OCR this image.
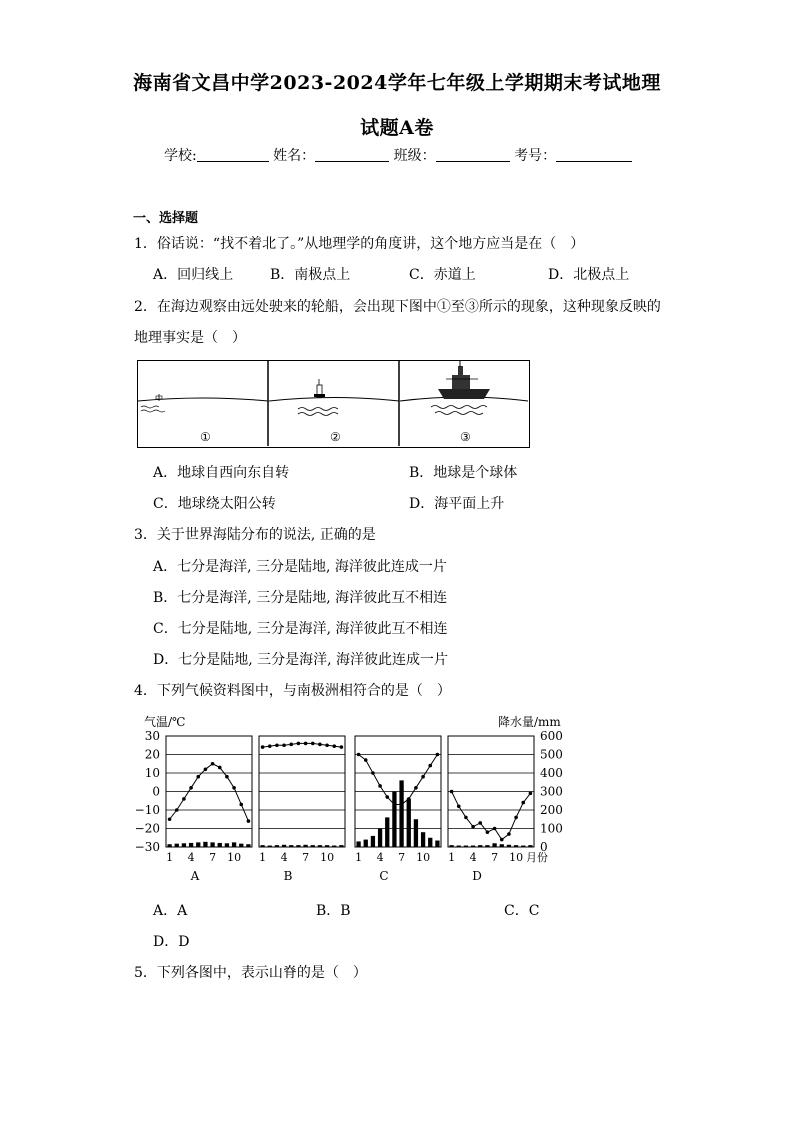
海南省文昌中学2023-2024学年七年级上学期期末考试地理
试题A卷
学校:	姓名：	班级：	考号：
一、选择题
1．俗话说：“找不着北了。”从地理学的角度讲，这个地方应当是在（　）
A．回归线上	B．南极点上	C．赤道上	D．北极点上
2．在海边观察由远处驶来的轮船，会出现下图中①至③所示的现象，这种现象反映的
地理事实是（　）
①	②	③
A．地球自西向东自转	B．地球是个球体
C．地球绕太阳公转	D．海平面上升
3．关于世界海陆分布的说法, 正确的是
A．七分是海洋, 三分是陆地, 海洋彼此连成一片
B．七分是海洋, 三分是陆地, 海洋彼此互不相连
C．七分是陆地, 三分是海洋, 海洋彼此互不相连
D．七分是陆地, 三分是海洋, 海洋彼此连成一片
4．下列气候资料图中，与南极洲相符合的是（　）
气温/℃	降水量/mm
30
20
10
0
−10
−20
−30
600
500
400
300
200
100
0
1 4 7 10
A
1 4 7 10
B
1 4 7 10
C
1 4 7 10
D
月份
A．A	B．B	C．C
D．D
5．下列各图中，表示山脊的是（　）
